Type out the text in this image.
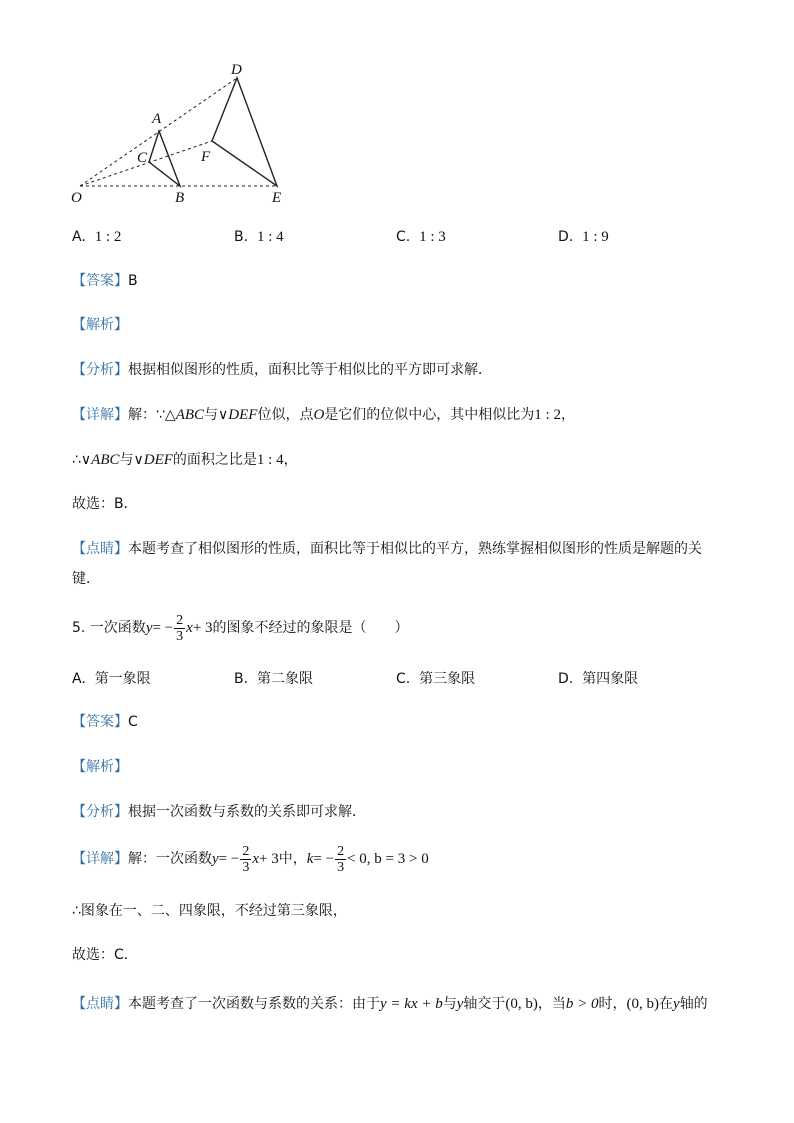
D
A
C	F
O	B	E
A. 1 : 2	B. 1 : 4	C. 1 : 3	D. 1 : 9
【答案】B
【解析】
【分析】根据相似图形的性质，面积比等于相似比的平方即可求解．
【详解】解：∵△ABC与∨DEF位似，点O是它们的位似中心，其中相似比为1 : 2，
∴∨ABC与∨DEF的面积之比是1 : 4，
故选：B．
【点睛】本题考查了相似图形的性质，面积比等于相似比的平方，熟练掌握相似图形的性质是解题的关
键．
5. 一次函数$y= - \frac{2}{3} x+ 3$的图象不经过的象限是（　　）
A. 第一象限	B. 第二象限	C. 第三象限	D. 第四象限
【答案】C
【解析】
【分析】根据一次函数与系数的关系即可求解．
【详解】解：一次函数$y= - \frac{2}{3} x+ 3$中，$k= - \frac{2}{3} < 0$, b = 3 > 0
∴图象在一、二、四象限，不经过第三象限，
故选：C．
【点睛】本题考查了一次函数与系数的关系：由于y = kx + b与y轴交于(0, b)，当b > 0时，(0, b)在y轴的
